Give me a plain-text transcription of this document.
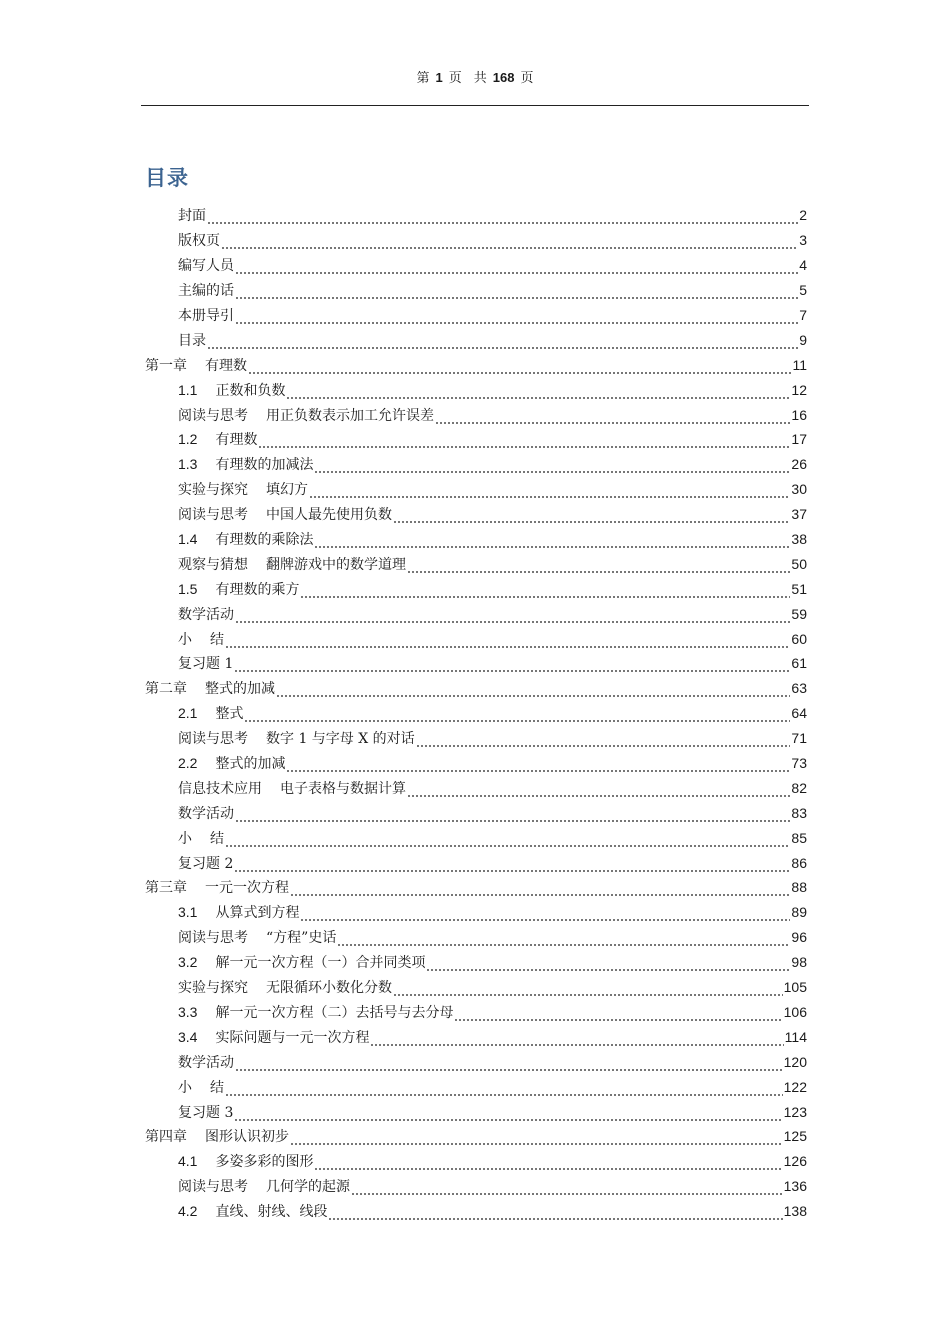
第 1 页 共 168 页
目录
封面	2
版权页	3
编写人员	4
主编的话	5
本册导引	7
目录	9
第一章 有理数	11
1.1 正数和负数	12
阅读与思考 用正负数表示加工允许误差	16
1.2 有理数	17
1.3 有理数的加减法	26
实验与探究 填幻方	30
阅读与思考 中国人最先使用负数	37
1.4 有理数的乘除法	38
观察与猜想 翻牌游戏中的数学道理	50
1.5 有理数的乘方	51
数学活动	59
小 结	60
复习题 1	61
第二章 整式的加减	63
2.1 整式	64
阅读与思考 数字 1 与字母 X 的对话	71
2.2 整式的加减	73
信息技术应用 电子表格与数据计算	82
数学活动	83
小 结	85
复习题 2	86
第三章 一元一次方程	88
3.1 从算式到方程	89
阅读与思考 “方程”史话	96
3.2 解一元一次方程（一）合并同类项	98
实验与探究 无限循环小数化分数	105
3.3 解一元一次方程（二）去括号与去分母	106
3.4 实际问题与一元一次方程	114
数学活动	120
小 结	122
复习题 3	123
第四章 图形认识初步	125
4.1 多姿多彩的图形	126
阅读与思考 几何学的起源	136
4.2 直线、射线、线段	138
